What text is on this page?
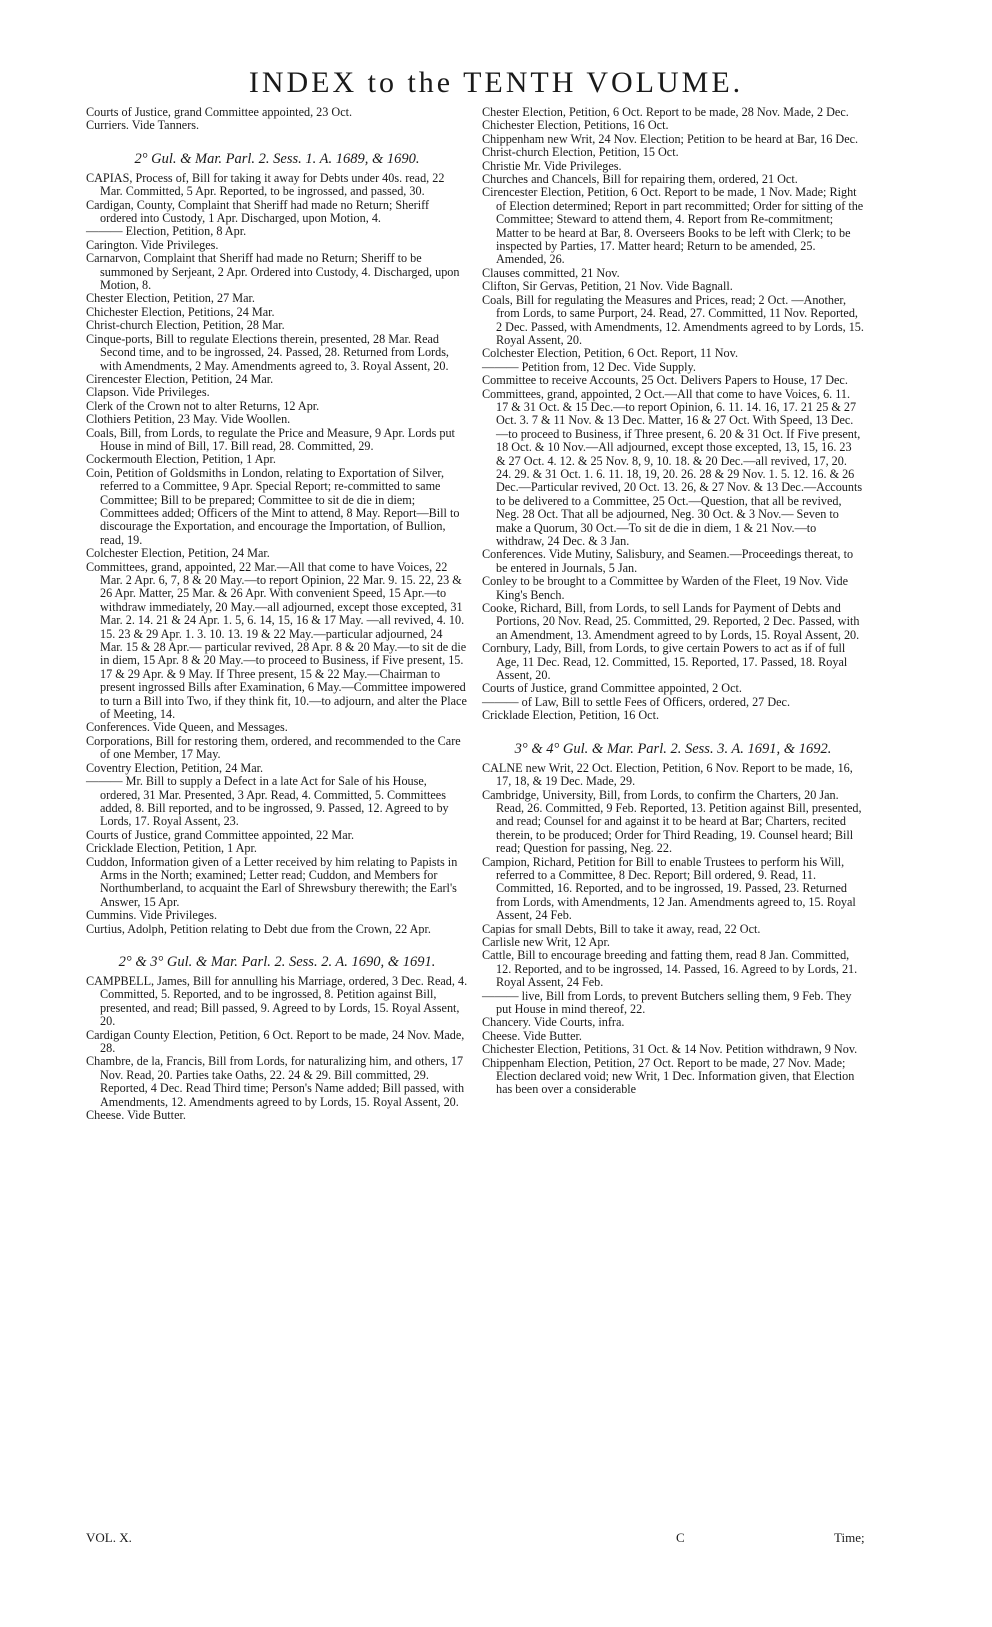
INDEX to the TENTH VOLUME.

Courts of Justice, grand Committee appointed, 23 Oct.

Curriers. Vide Tanners.

2° Gul. & Mar. Parl. 2. Sess. 1. A. 1689, & 1690.

CAPIAS, Process of, Bill for taking it away for Debts under 40s. read, 22 Mar. Committed, 5 Apr. Reported, to be ingrossed, and passed, 30.

Cardigan, County, Complaint that Sheriff had made no Return; Sheriff ordered into Custody, 1 Apr. Discharged, upon Motion, 4.

——— Election, Petition, 8 Apr.

Carington. Vide Privileges.

Carnarvon, Complaint that Sheriff had made no Return; Sheriff to be summoned by Serjeant, 2 Apr. Ordered into Custody, 4. Discharged, upon Motion, 8.

Chester Election, Petition, 27 Mar.

Chichester Election, Petitions, 24 Mar.

Christ-church Election, Petition, 28 Mar.

Cinque-ports, Bill to regulate Elections therein, presented, 28 Mar. Read Second time, and to be ingrossed, 24. Passed, 28. Returned from Lords, with Amendments, 2 May. Amendments agreed to, 3. Royal Assent, 20.

Cirencester Election, Petition, 24 Mar.

Clapson. Vide Privileges.

Clerk of the Crown not to alter Returns, 12 Apr.

Clothiers Petition, 23 May. Vide Woollen.

Coals, Bill, from Lords, to regulate the Price and Measure, 9 Apr. Lords put House in mind of Bill, 17. Bill read, 28. Committed, 29.

Cockermouth Election, Petition, 1 Apr.

Coin, Petition of Goldsmiths in London, relating to Exportation of Silver, referred to a Committee, 9 Apr. Special Report; re-committed to same Committee; Bill to be prepared; Committee to sit de die in diem; Committees added; Officers of the Mint to attend, 8 May. Report—Bill to discourage the Exportation, and encourage the Importation, of Bullion, read, 19.

Colchester Election, Petition, 24 Mar.

Committees, grand, appointed, 22 Mar.—All that come to have Voices, 22 Mar. 2 Apr. 6, 7, 8 & 20 May.—to report Opinion, 22 Mar. 9. 15. 22, 23 & 26 Apr. Matter, 25 Mar. & 26 Apr. With convenient Speed, 15 Apr.—to withdraw immediately, 20 May.—all adjourned, except those excepted, 31 Mar. 2. 14. 21 & 24 Apr. 1. 5, 6. 14, 15, 16 & 17 May. —all revived, 4. 10. 15. 23 & 29 Apr. 1. 3. 10. 13. 19 & 22 May.—particular adjourned, 24 Mar. 15 & 28 Apr.— particular revived, 28 Apr. 8 & 20 May.—to sit de die in diem, 15 Apr. 8 & 20 May.—to proceed to Business, if Five present, 15. 17 & 29 Apr. & 9 May. If Three present, 15 & 22 May.—Chairman to present ingrossed Bills after Examination, 6 May.—Committee impowered to turn a Bill into Two, if they think fit, 10.—to adjourn, and alter the Place of Meeting, 14.

Conferences. Vide Queen, and Messages.

Corporations, Bill for restoring them, ordered, and recommended to the Care of one Member, 17 May.

Coventry Election, Petition, 24 Mar.

——— Mr. Bill to supply a Defect in a late Act for Sale of his House, ordered, 31 Mar. Presented, 3 Apr. Read, 4. Committed, 5. Committees added, 8. Bill reported, and to be ingrossed, 9. Passed, 12. Agreed to by Lords, 17. Royal Assent, 23.

Courts of Justice, grand Committee appointed, 22 Mar.

Cricklade Election, Petition, 1 Apr.

Cuddon, Information given of a Letter received by him relating to Papists in Arms in the North; examined; Letter read; Cuddon, and Members for Northumberland, to acquaint the Earl of Shrewsbury therewith; the Earl's Answer, 15 Apr.

Cummins. Vide Privileges.

Curtius, Adolph, Petition relating to Debt due from the Crown, 22 Apr.

2° & 3° Gul. & Mar. Parl. 2. Sess. 2. A. 1690, & 1691.

CAMPBELL, James, Bill for annulling his Marriage, ordered, 3 Dec. Read, 4. Committed, 5. Reported, and to be ingrossed, 8. Petition against Bill, presented, and read; Bill passed, 9. Agreed to by Lords, 15. Royal Assent, 20.

Cardigan County Election, Petition, 6 Oct. Report to be made, 24 Nov. Made, 28.

Chambre, de la, Francis, Bill from Lords, for naturalizing him, and others, 17 Nov. Read, 20. Parties take Oaths, 22. 24 & 29. Bill committed, 29. Reported, 4 Dec. Read Third time; Person's Name added; Bill passed, with Amendments, 12. Amendments agreed to by Lords, 15. Royal Assent, 20.

Cheese. Vide Butter.

Chester Election, Petition, 6 Oct. Report to be made, 28 Nov. Made, 2 Dec.

Chichester Election, Petitions, 16 Oct.

Chippenham new Writ, 24 Nov. Election; Petition to be heard at Bar, 16 Dec.

Christ-church Election, Petition, 15 Oct.

Christie Mr. Vide Privileges.

Churches and Chancels, Bill for repairing them, ordered, 21 Oct.

Cirencester Election, Petition, 6 Oct. Report to be made, 1 Nov. Made; Right of Election determined; Report in part recommitted; Order for sitting of the Committee; Steward to attend them, 4. Report from Re-commitment; Matter to be heard at Bar, 8. Overseers Books to be left with Clerk; to be inspected by Parties, 17. Matter heard; Return to be amended, 25. Amended, 26.

Clauses committed, 21 Nov.

Clifton, Sir Gervas, Petition, 21 Nov. Vide Bagnall.

Coals, Bill for regulating the Measures and Prices, read; 2 Oct. —Another, from Lords, to same Purport, 24. Read, 27. Committed, 11 Nov. Reported, 2 Dec. Passed, with Amendments, 12. Amendments agreed to by Lords, 15. Royal Assent, 20.

Colchester Election, Petition, 6 Oct. Report, 11 Nov.

——— Petition from, 12 Dec. Vide Supply.

Committee to receive Accounts, 25 Oct. Delivers Papers to House, 17 Dec.

Committees, grand, appointed, 2 Oct.—All that come to have Voices, 6. 11. 17 & 31 Oct. & 15 Dec.—to report Opinion, 6. 11. 14. 16, 17. 21 25 & 27 Oct. 3. 7 & 11 Nov. & 13 Dec. Matter, 16 & 27 Oct. With Speed, 13 Dec.—to proceed to Business, if Three present, 6. 20 & 31 Oct. If Five present, 18 Oct. & 10 Nov.—All adjourned, except those excepted, 13, 15, 16. 23 & 27 Oct. 4. 12. & 25 Nov. 8, 9, 10. 18. & 20 Dec.—all revived, 17, 20. 24. 29. & 31 Oct. 1. 6. 11. 18, 19, 20. 26. 28 & 29 Nov. 1. 5. 12. 16. & 26 Dec.—Particular revived, 20 Oct. 13. 26, & 27 Nov. & 13 Dec.—Accounts to be delivered to a Committee, 25 Oct.—Question, that all be revived, Neg. 28 Oct. That all be adjourned, Neg. 30 Oct. & 3 Nov.— Seven to make a Quorum, 30 Oct.—To sit de die in diem, 1 & 21 Nov.—to withdraw, 24 Dec. & 3 Jan.

Conferences. Vide Mutiny, Salisbury, and Seamen.—Proceedings thereat, to be entered in Journals, 5 Jan.

Conley to be brought to a Committee by Warden of the Fleet, 19 Nov. Vide King's Bench.

Cooke, Richard, Bill, from Lords, to sell Lands for Payment of Debts and Portions, 20 Nov. Read, 25. Committed, 29. Reported, 2 Dec. Passed, with an Amendment, 13. Amendment agreed to by Lords, 15. Royal Assent, 20.

Cornbury, Lady, Bill, from Lords, to give certain Powers to act as if of full Age, 11 Dec. Read, 12. Committed, 15. Reported, 17. Passed, 18. Royal Assent, 20.

Courts of Justice, grand Committee appointed, 2 Oct.

——— of Law, Bill to settle Fees of Officers, ordered, 27 Dec.

Cricklade Election, Petition, 16 Oct.

3° & 4° Gul. & Mar. Parl. 2. Sess. 3. A. 1691, & 1692.

CALNE new Writ, 22 Oct. Election, Petition, 6 Nov. Report to be made, 16, 17, 18, & 19 Dec. Made, 29.

Cambridge, University, Bill, from Lords, to confirm the Charters, 20 Jan. Read, 26. Committed, 9 Feb. Reported, 13. Petition against Bill, presented, and read; Counsel for and against it to be heard at Bar; Charters, recited therein, to be produced; Order for Third Reading, 19. Counsel heard; Bill read; Question for passing, Neg. 22.

Campion, Richard, Petition for Bill to enable Trustees to perform his Will, referred to a Committee, 8 Dec. Report; Bill ordered, 9. Read, 11. Committed, 16. Reported, and to be ingrossed, 19. Passed, 23. Returned from Lords, with Amendments, 12 Jan. Amendments agreed to, 15. Royal Assent, 24 Feb.

Capias for small Debts, Bill to take it away, read, 22 Oct.

Carlisle new Writ, 12 Apr.

Cattle, Bill to encourage breeding and fatting them, read 8 Jan. Committed, 12. Reported, and to be ingrossed, 14. Passed, 16. Agreed to by Lords, 21. Royal Assent, 24 Feb.

——— live, Bill from Lords, to prevent Butchers selling them, 9 Feb. They put House in mind thereof, 22.

Chancery. Vide Courts, infra.

Cheese. Vide Butter.

Chichester Election, Petitions, 31 Oct. & 14 Nov. Petition withdrawn, 9 Nov.

Chippenham Election, Petition, 27 Oct. Report to be made, 27 Nov. Made; Election declared void; new Writ, 1 Dec. Information given, that Election has been over a considerable

VOL. X.	C	Time;
